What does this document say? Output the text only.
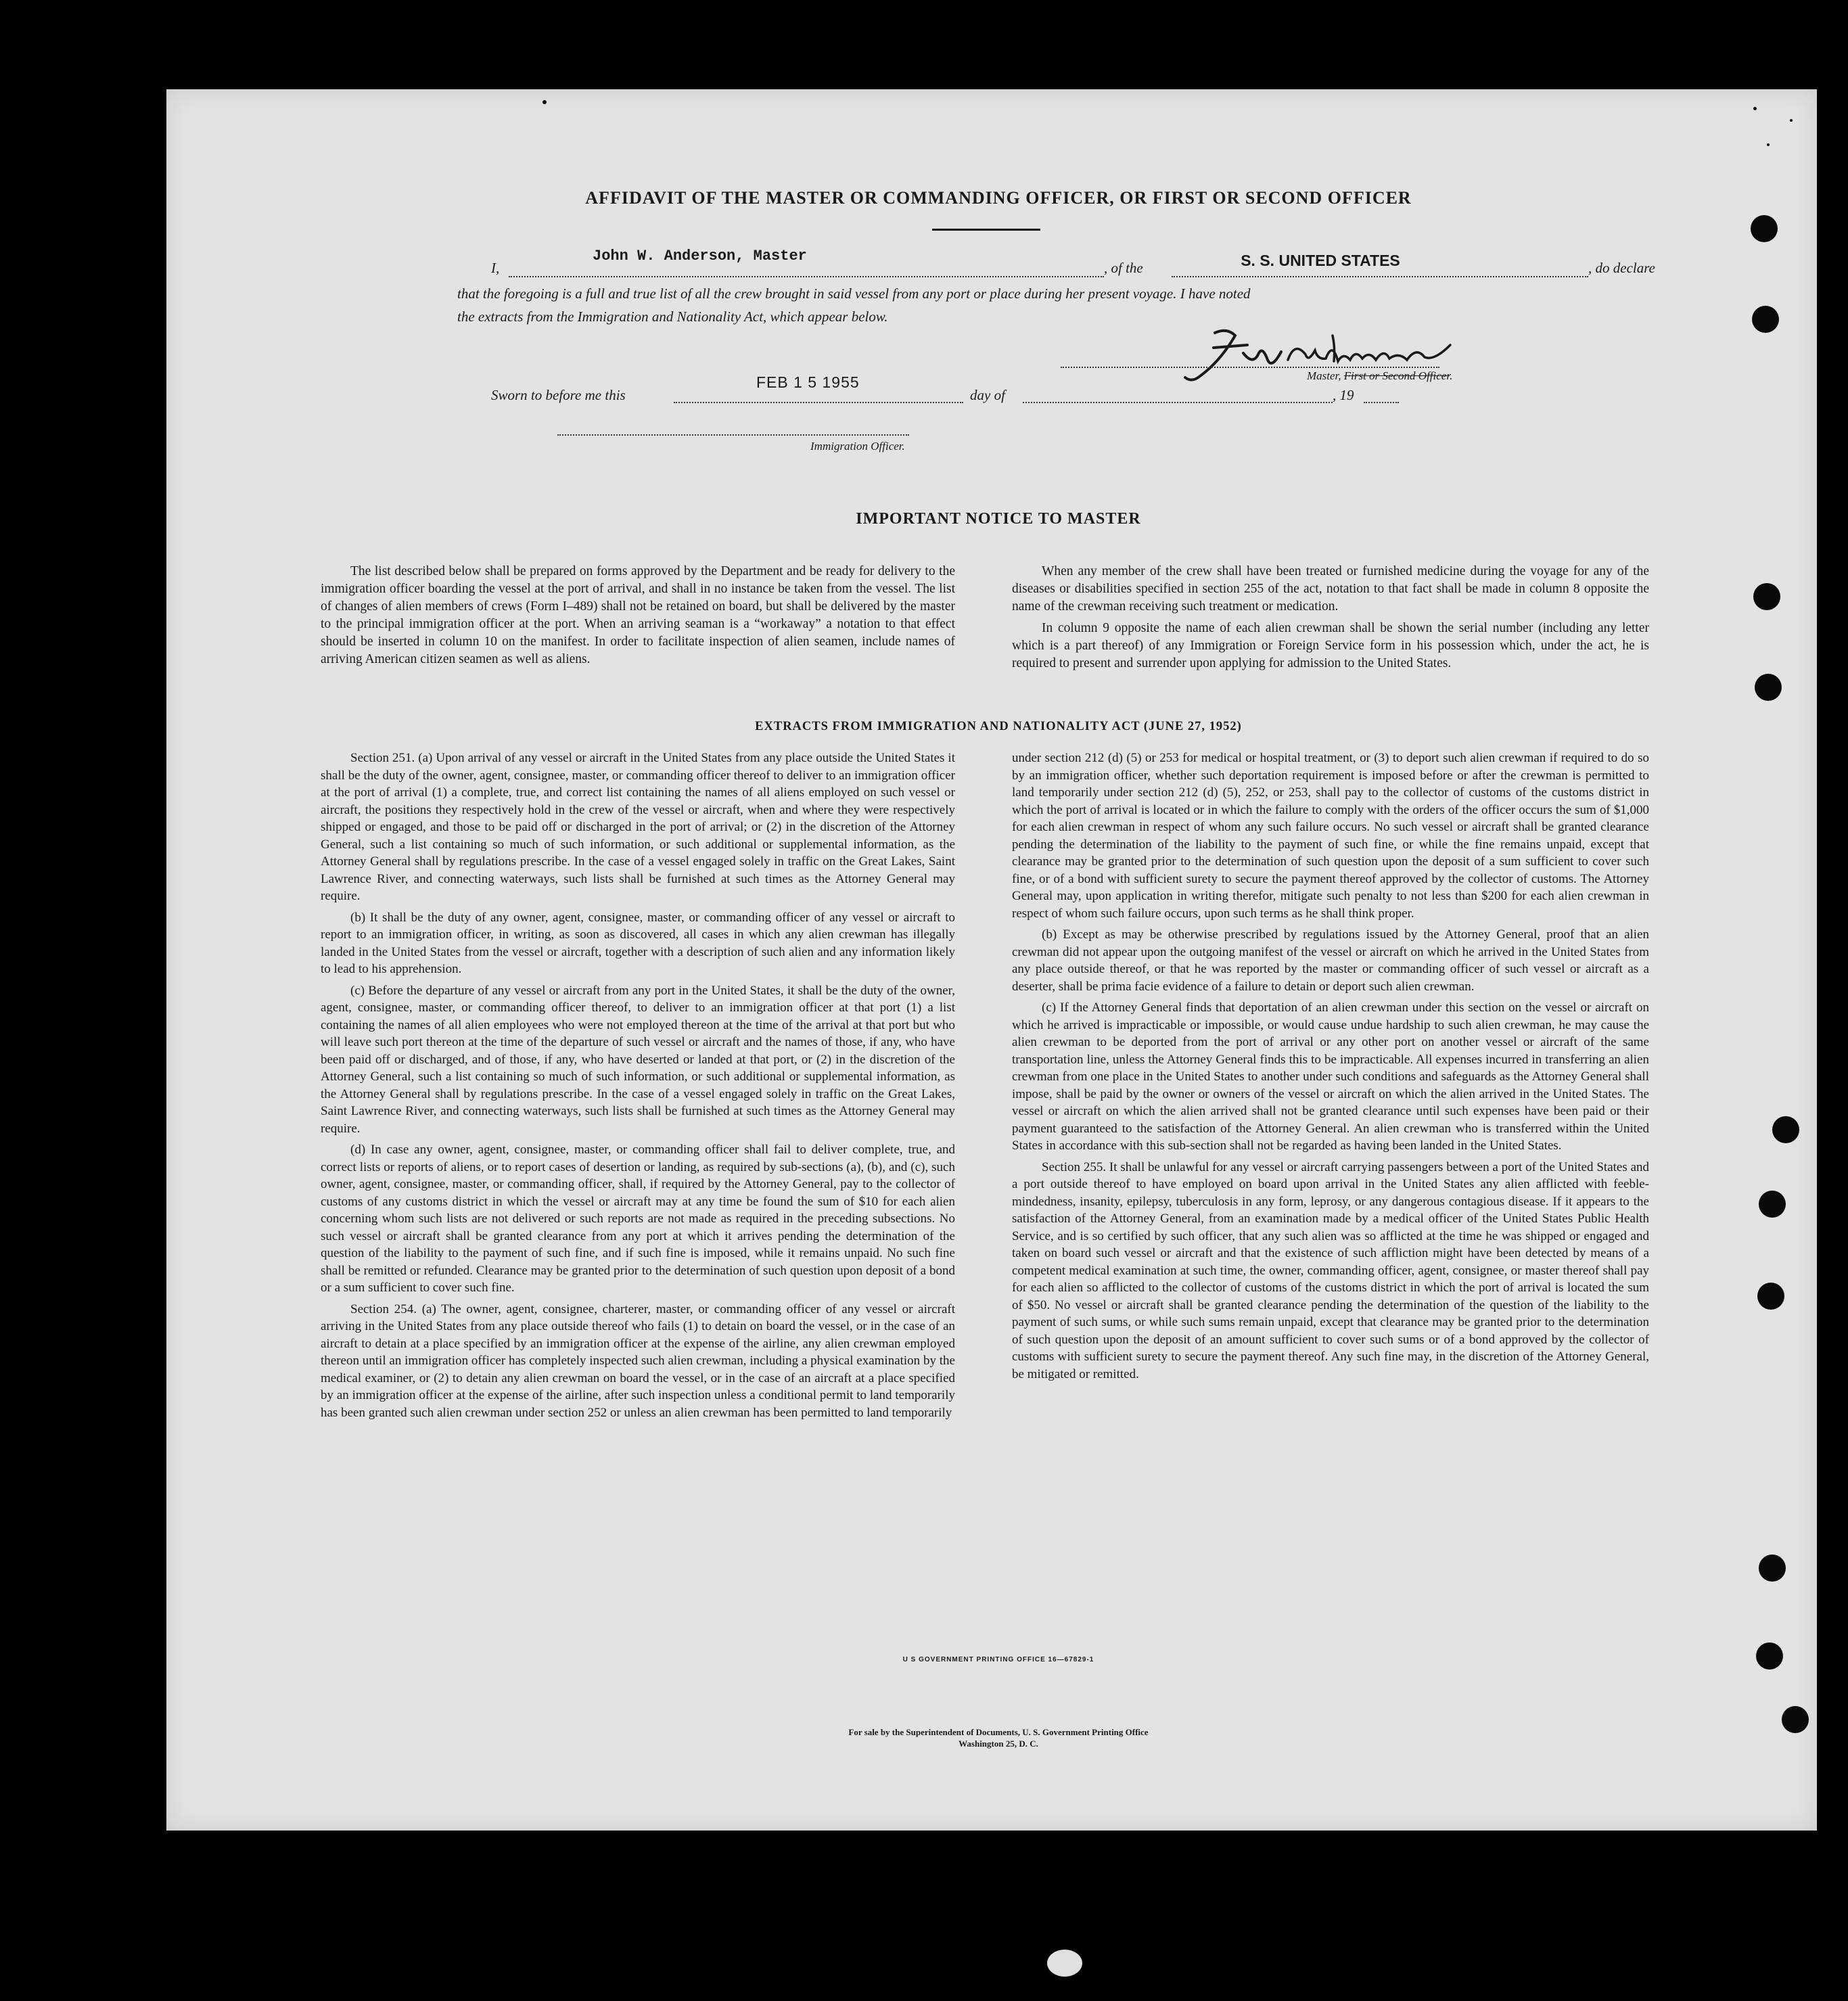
AFFIDAVIT OF THE MASTER OR COMMANDING OFFICER, OR FIRST OR SECOND OFFICER
I,
John W. Anderson, Master
, of the	S. S. UNITED STATES	, do declare
that the foregoing is a full and true list of all the crew brought in said vessel from any port or place during her present voyage. I have noted
the extracts from the Immigration and Nationality Act, which appear below.
Master, First or Second Officer.
Sworn to before me this
FEB 1 5 1955
day of	, 19
Immigration Officer.
IMPORTANT NOTICE TO MASTER

The list described below shall be prepared on forms approved by the Department and be ready for delivery to the immigration officer boarding the vessel at the port of arrival, and shall in no instance be taken from the vessel. The list of changes of alien members of crews (Form I–489) shall not be retained on board, but shall be delivered by the master to the principal immigration officer at the port. When an arriving seaman is a “workaway” a notation to that effect should be inserted in column 10 on the manifest. In order to facilitate inspection of alien seamen, include names of arriving American citizen seamen as well as aliens.

When any member of the crew shall have been treated or furnished medicine during the voyage for any of the diseases or disabilities specified in section 255 of the act, notation to that fact shall be made in column 8 opposite the name of the crewman receiving such treatment or medication.

In column 9 opposite the name of each alien crewman shall be shown the serial number (including any letter which is a part thereof) of any Immigration or Foreign Service form in his possession which, under the act, he is required to present and surrender upon applying for admission to the United States.

EXTRACTS FROM IMMIGRATION AND NATIONALITY ACT (JUNE 27, 1952)

Section 251. (a) Upon arrival of any vessel or aircraft in the United States from any place outside the United States it shall be the duty of the owner, agent, consignee, master, or commanding officer thereof to deliver to an immigration officer at the port of arrival (1) a complete, true, and correct list containing the names of all aliens employed on such vessel or aircraft, the positions they respectively hold in the crew of the vessel or aircraft, when and where they were respectively shipped or engaged, and those to be paid off or discharged in the port of arrival; or (2) in the discretion of the Attorney General, such a list containing so much of such information, or such additional or supplemental information, as the Attorney General shall by regulations prescribe. In the case of a vessel engaged solely in traffic on the Great Lakes, Saint Lawrence River, and connecting waterways, such lists shall be furnished at such times as the Attorney General may require.

(b) It shall be the duty of any owner, agent, consignee, master, or commanding officer of any vessel or aircraft to report to an immigration officer, in writing, as soon as discovered, all cases in which any alien crewman has illegally landed in the United States from the vessel or aircraft, together with a description of such alien and any information likely to lead to his apprehension.

(c) Before the departure of any vessel or aircraft from any port in the United States, it shall be the duty of the owner, agent, consignee, master, or commanding officer thereof, to deliver to an immigration officer at that port (1) a list containing the names of all alien employees who were not employed thereon at the time of the arrival at that port but who will leave such port thereon at the time of the departure of such vessel or aircraft and the names of those, if any, who have been paid off or discharged, and of those, if any, who have deserted or landed at that port, or (2) in the discretion of the Attorney General, such a list containing so much of such information, or such additional or supplemental information, as the Attorney General shall by regulations prescribe. In the case of a vessel engaged solely in traffic on the Great Lakes, Saint Lawrence River, and connecting waterways, such lists shall be furnished at such times as the Attorney General may require.

(d) In case any owner, agent, consignee, master, or commanding officer shall fail to deliver complete, true, and correct lists or reports of aliens, or to report cases of desertion or landing, as required by sub-sections (a), (b), and (c), such owner, agent, consignee, master, or commanding officer, shall, if required by the Attorney General, pay to the collector of customs of any customs district in which the vessel or aircraft may at any time be found the sum of $10 for each alien concerning whom such lists are not delivered or such reports are not made as required in the preceding subsections. No such vessel or aircraft shall be granted clearance from any port at which it arrives pending the determination of the question of the liability to the payment of such fine, and if such fine is imposed, while it remains unpaid. No such fine shall be remitted or refunded. Clearance may be granted prior to the determination of such question upon deposit of a bond or a sum sufficient to cover such fine.

Section 254. (a) The owner, agent, consignee, charterer, master, or commanding officer of any vessel or aircraft arriving in the United States from any place outside thereof who fails (1) to detain on board the vessel, or in the case of an aircraft to detain at a place specified by an immigration officer at the expense of the airline, any alien crewman employed thereon until an immigration officer has completely inspected such alien crewman, including a physical examination by the medical examiner, or (2) to detain any alien crewman on board the vessel, or in the case of an aircraft at a place specified by an immigration officer at the expense of the airline, after such inspection unless a conditional permit to land temporarily has been granted such alien crewman under section 252 or unless an alien crewman has been permitted to land temporarily

under section 212 (d) (5) or 253 for medical or hospital treatment, or (3) to deport such alien crewman if required to do so by an immigration officer, whether such deportation requirement is imposed before or after the crewman is permitted to land temporarily under section 212 (d) (5), 252, or 253, shall pay to the collector of customs of the customs district in which the port of arrival is located or in which the failure to comply with the orders of the officer occurs the sum of $1,000 for each alien crewman in respect of whom any such failure occurs. No such vessel or aircraft shall be granted clearance pending the determination of the liability to the payment of such fine, or while the fine remains unpaid, except that clearance may be granted prior to the determination of such question upon the deposit of a sum sufficient to cover such fine, or of a bond with sufficient surety to secure the payment thereof approved by the collector of customs. The Attorney General may, upon application in writing therefor, mitigate such penalty to not less than $200 for each alien crewman in respect of whom such failure occurs, upon such terms as he shall think proper.

(b) Except as may be otherwise prescribed by regulations issued by the Attorney General, proof that an alien crewman did not appear upon the outgoing manifest of the vessel or aircraft on which he arrived in the United States from any place outside thereof, or that he was reported by the master or commanding officer of such vessel or aircraft as a deserter, shall be prima facie evidence of a failure to detain or deport such alien crewman.

(c) If the Attorney General finds that deportation of an alien crewman under this section on the vessel or aircraft on which he arrived is impracticable or impossible, or would cause undue hardship to such alien crewman, he may cause the alien crewman to be deported from the port of arrival or any other port on another vessel or aircraft of the same transportation line, unless the Attorney General finds this to be impracticable. All expenses incurred in transferring an alien crewman from one place in the United States to another under such conditions and safeguards as the Attorney General shall impose, shall be paid by the owner or owners of the vessel or aircraft on which the alien arrived in the United States. The vessel or aircraft on which the alien arrived shall not be granted clearance until such expenses have been paid or their payment guaranteed to the satisfaction of the Attorney General. An alien crewman who is transferred within the United States in accordance with this sub-section shall not be regarded as having been landed in the United States.

Section 255. It shall be unlawful for any vessel or aircraft carrying passengers between a port of the United States and a port outside thereof to have employed on board upon arrival in the United States any alien afflicted with feeble-mindedness, insanity, epilepsy, tuberculosis in any form, leprosy, or any dangerous contagious disease. If it appears to the satisfaction of the Attorney General, from an examination made by a medical officer of the United States Public Health Service, and is so certified by such officer, that any such alien was so afflicted at the time he was shipped or engaged and taken on board such vessel or aircraft and that the existence of such affliction might have been detected by means of a competent medical examination at such time, the owner, commanding officer, agent, consignee, or master thereof shall pay for each alien so afflicted to the collector of customs of the customs district in which the port of arrival is located the sum of $50. No vessel or aircraft shall be granted clearance pending the determination of the question of the liability to the payment of such sums, or while such sums remain unpaid, except that clearance may be granted prior to the determination of such question upon the deposit of an amount sufficient to cover such sums or of a bond approved by the collector of customs with sufficient surety to secure the payment thereof. Any such fine may, in the discretion of the Attorney General, be mitigated or remitted.

U S GOVERNMENT PRINTING OFFICE 16—67829-1
For sale by the Superintendent of Documents, U. S. Government Printing Office
Washington 25, D. C.
